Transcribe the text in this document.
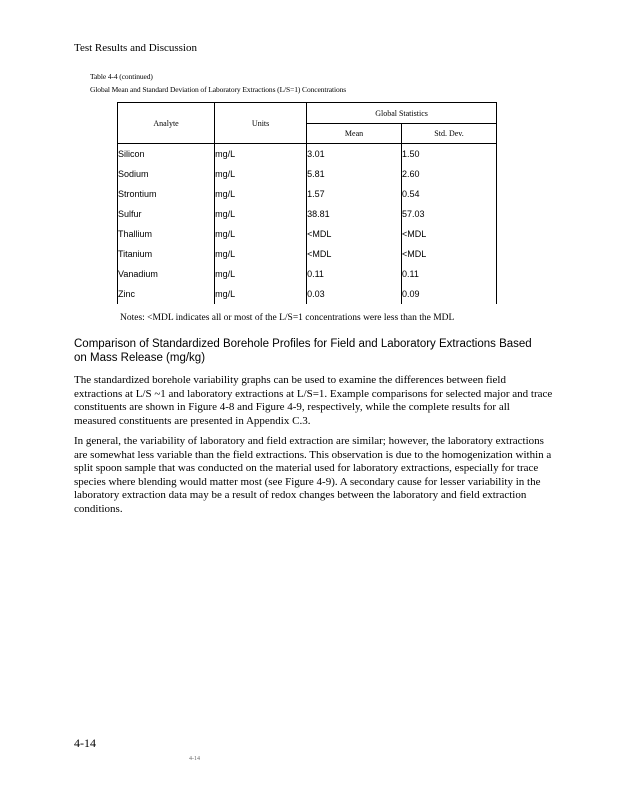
Test Results and Discussion
Table 4-4 (continued)
Global Mean and Standard Deviation of Laboratory Extractions (L/S=1) Concentrations
Analyte	Units	Global Statistics	
		Mean	Std. Dev.
Silicon	mg/L	3.01	1.50
Sodium	mg/L	5.81	2.60
Strontium	mg/L	1.57	0.54
Sulfur	mg/L	38.81	57.03
Thallium	mg/L	<MDL	<MDL
Titanium	mg/L	<MDL	<MDL
Vanadium	mg/L	0.11	0.11
Zinc	mg/L	0.03	0.09
Notes: <MDL indicates all or most of the L/S=1 concentrations were less than the MDL
Comparison of Standardized Borehole Profiles for Field and Laboratory Extractions Based on Mass Release (mg/kg)
The standardized borehole variability graphs can be used to examine the differences between field extractions at L/S ~1 and laboratory extractions at L/S=1. Example comparisons for selected major and trace constituents are shown in Figure 4-8 and Figure 4-9, respectively, while the complete results for all measured constituents are presented in Appendix C.3.
In general, the variability of laboratory and field extraction are similar; however, the laboratory extractions are somewhat less variable than the field extractions. This observation is due to the homogenization within a split spoon sample that was conducted on the material used for laboratory extractions, especially for trace species where blending would matter most (see Figure 4-9). A secondary cause for lesser variability in the laboratory extraction data may be a result of redox changes between the laboratory and field extraction conditions.
4-14
4-14
